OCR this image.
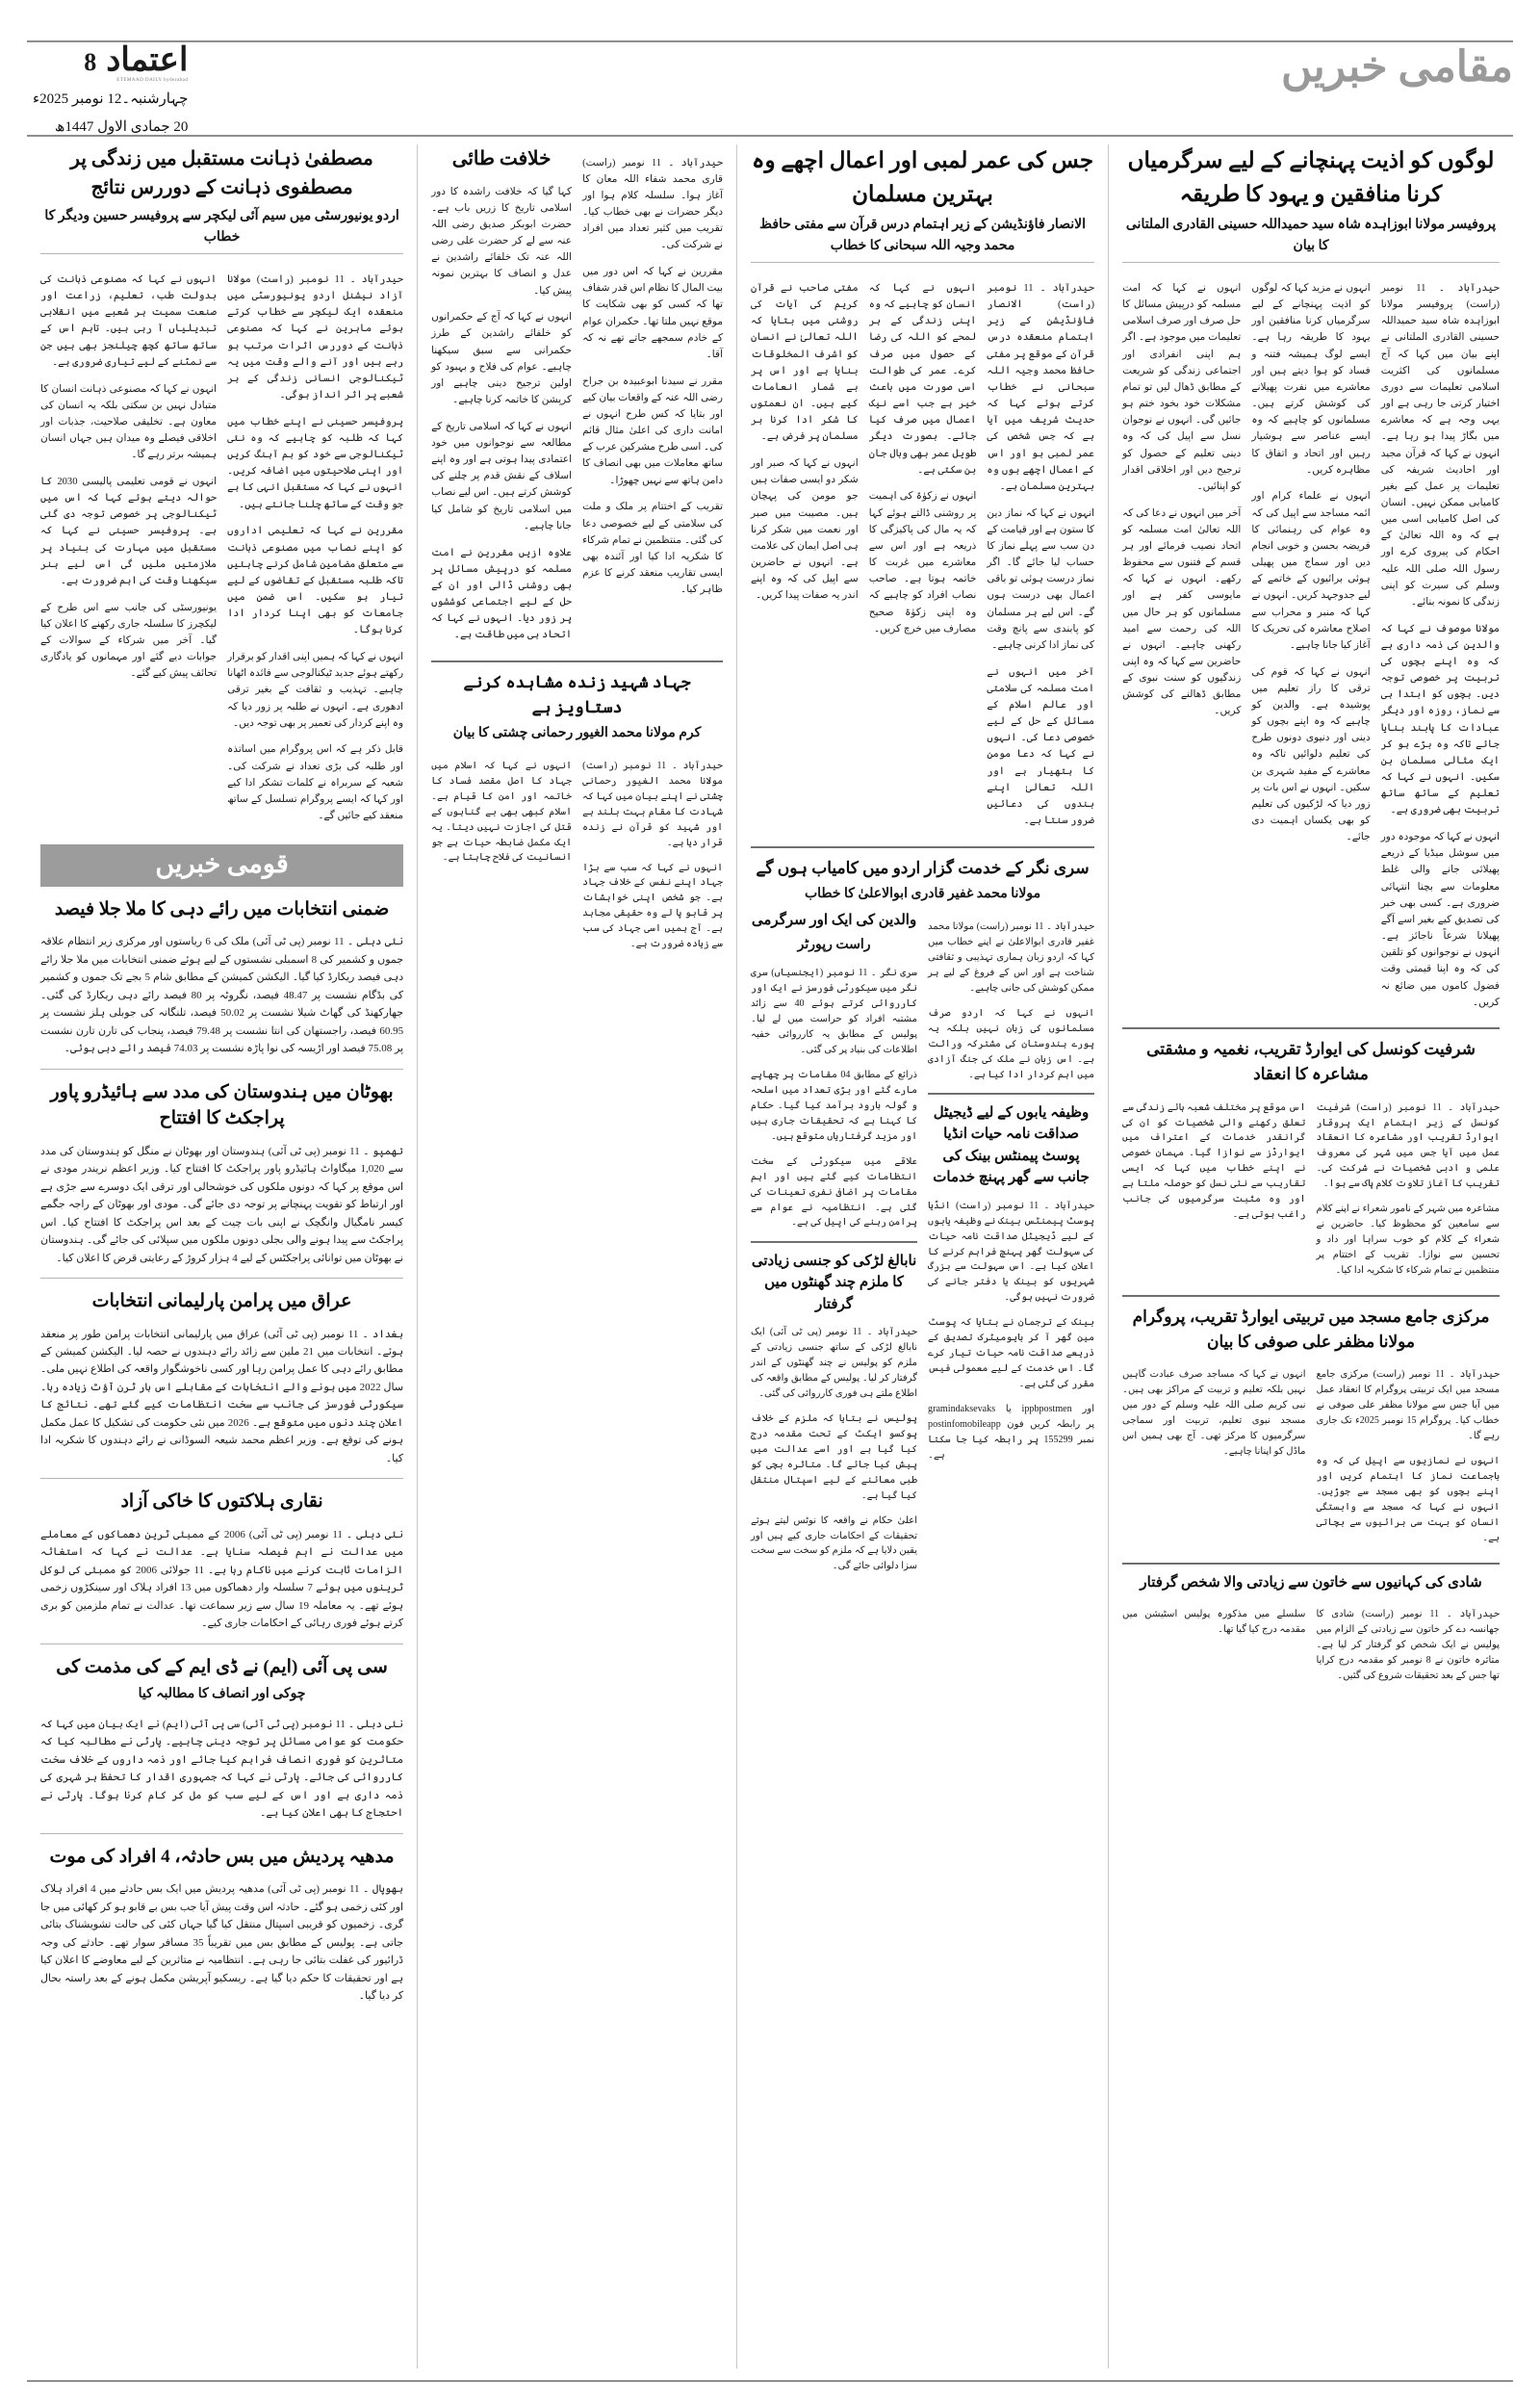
اعتماد
8
ETEMAAD DAILY hyderabad
چہارشنبہ۔12 نومبر 2025ء
20 جمادی الاول 1447ھ
مقامی خبریں
لوگوں کو اذیت پہنچانے کے لیے سرگرمیاں کرنا منافقین و یہود کا طریقہ
پروفیسر مولانا ابوزاہدہ شاہ سید حمیداللہ حسینی القادری الملتانی کا بیان

حیدرآباد ۔ 11 نومبر (راست) پروفیسر مولانا ابوزاہدہ شاہ سید حمیداللہ حسینی القادری الملتانی نے اپنے بیان میں کہا کہ آج مسلمانوں کی اکثریت اسلامی تعلیمات سے دوری اختیار کرتی جا رہی ہے اور یہی وجہ ہے کہ معاشرے میں بگاڑ پیدا ہو رہا ہے۔ انہوں نے کہا کہ قرآن مجید اور احادیث شریفہ کی تعلیمات پر عمل کیے بغیر کامیابی ممکن نہیں۔ انسان کی اصل کامیابی اسی میں ہے کہ وہ اللہ تعالیٰ کے احکام کی پیروی کرے اور رسول اللہ صلی اللہ علیہ وسلم کی سیرت کو اپنی زندگی کا نمونہ بنائے۔

مولانا موصوف نے کہا کہ والدین کی ذمہ داری ہے کہ وہ اپنے بچوں کی تربیت پر خصوصی توجہ دیں۔ بچوں کو ابتدا ہی سے نماز، روزہ اور دیگر عبادات کا پابند بنایا جائے تاکہ وہ بڑے ہو کر ایک مثالی مسلمان بن سکیں۔ انہوں نے کہا کہ تعلیم کے ساتھ ساتھ تربیت بھی ضروری ہے۔

انہوں نے کہا کہ موجودہ دور میں سوشل میڈیا کے ذریعے پھیلائی جانے والی غلط معلومات سے بچنا انتہائی ضروری ہے۔ کسی بھی خبر کی تصدیق کیے بغیر اسے آگے پھیلانا شرعاً ناجائز ہے۔ انہوں نے نوجوانوں کو تلقین کی کہ وہ اپنا قیمتی وقت فضول کاموں میں ضائع نہ کریں۔

انہوں نے مزید کہا کہ لوگوں کو اذیت پہنچانے کے لیے سرگرمیاں کرنا منافقین اور یہود کا طریقہ رہا ہے۔ ایسے لوگ ہمیشہ فتنہ و فساد کو ہوا دیتے ہیں اور معاشرے میں نفرت پھیلانے کی کوشش کرتے ہیں۔ مسلمانوں کو چاہیے کہ وہ ایسے عناصر سے ہوشیار رہیں اور اتحاد و اتفاق کا مظاہرہ کریں۔

انہوں نے علماء کرام اور ائمہ مساجد سے اپیل کی کہ وہ عوام کی رہنمائی کا فریضہ بحسن و خوبی انجام دیں اور سماج میں پھیلی ہوئی برائیوں کے خاتمے کے لیے جدوجہد کریں۔ انہوں نے کہا کہ منبر و محراب سے اصلاح معاشرہ کی تحریک کا آغاز کیا جانا چاہیے۔

انہوں نے کہا کہ قوم کی ترقی کا راز تعلیم میں پوشیدہ ہے۔ والدین کو چاہیے کہ وہ اپنے بچوں کو دینی اور دنیوی دونوں طرح کی تعلیم دلوائیں تاکہ وہ معاشرے کے مفید شہری بن سکیں۔ انہوں نے اس بات پر زور دیا کہ لڑکیوں کی تعلیم کو بھی یکساں اہمیت دی جائے۔

انہوں نے کہا کہ امت مسلمہ کو درپیش مسائل کا حل صرف اور صرف اسلامی تعلیمات میں موجود ہے۔ اگر ہم اپنی انفرادی اور اجتماعی زندگی کو شریعت کے مطابق ڈھال لیں تو تمام مشکلات خود بخود ختم ہو جائیں گی۔ انہوں نے نوجوان نسل سے اپیل کی کہ وہ دینی تعلیم کے حصول کو ترجیح دیں اور اخلاقی اقدار کو اپنائیں۔

آخر میں انہوں نے دعا کی کہ اللہ تعالیٰ امت مسلمہ کو اتحاد نصیب فرمائے اور ہر قسم کے فتنوں سے محفوظ رکھے۔ انہوں نے کہا کہ مایوسی کفر ہے اور مسلمانوں کو ہر حال میں اللہ کی رحمت سے امید رکھنی چاہیے۔ انہوں نے حاضرین سے کہا کہ وہ اپنی زندگیوں کو سنت نبوی کے مطابق ڈھالنے کی کوشش کریں۔

شرفیت کونسل کی ایوارڈ تقریب، نغمیہ و مشقتی مشاعرہ کا انعقاد

حیدرآباد ۔ 11 نومبر (راست) شرفیت کونسل کے زیر اہتمام ایک پروقار ایوارڈ تقریب اور مشاعرہ کا انعقاد عمل میں آیا جس میں شہر کی معروف علمی و ادبی شخصیات نے شرکت کی۔ تقریب کا آغاز تلاوت کلام پاک سے ہوا۔

مشاعرہ میں شہر کے نامور شعراء نے اپنے کلام سے سامعین کو محظوظ کیا۔ حاضرین نے شعراء کے کلام کو خوب سراہا اور داد و تحسین سے نوازا۔ تقریب کے اختتام پر منتظمین نے تمام شرکاء کا شکریہ ادا کیا۔

اس موقع پر مختلف شعبہ ہائے زندگی سے تعلق رکھنے والی شخصیات کو ان کی گرانقدر خدمات کے اعتراف میں ایوارڈز سے نوازا گیا۔ مہمان خصوصی نے اپنے خطاب میں کہا کہ ایسی تقاریب سے نئی نسل کو حوصلہ ملتا ہے اور وہ مثبت سرگرمیوں کی جانب راغب ہوتی ہے۔

مرکزی جامع مسجد میں تربیتی ایوارڈ تقریب، پروگرام مولانا مظفر علی صوفی کا بیان

حیدرآباد ۔ 11 نومبر (راست) مرکزی جامع مسجد میں ایک تربیتی پروگرام کا انعقاد عمل میں آیا جس سے مولانا مظفر علی صوفی نے خطاب کیا۔ پروگرام 15 نومبر 2025ء تک جاری رہے گا۔

انہوں نے نمازیوں سے اپیل کی کہ وہ باجماعت نماز کا اہتمام کریں اور اپنے بچوں کو بھی مسجد سے جوڑیں۔ انہوں نے کہا کہ مسجد سے وابستگی انسان کو بہت سی برائیوں سے بچاتی ہے۔

انہوں نے کہا کہ مساجد صرف عبادت گاہیں نہیں بلکہ تعلیم و تربیت کے مراکز بھی ہیں۔ نبی کریم صلی اللہ علیہ وسلم کے دور میں مسجد نبوی تعلیم، تربیت اور سماجی سرگرمیوں کا مرکز تھی۔ آج بھی ہمیں اس ماڈل کو اپنانا چاہیے۔

شادی کی کہانیوں سے خاتون سے زیادتی والا شخص گرفتار

حیدرآباد ۔ 11 نومبر (راست) شادی کا جھانسہ دے کر خاتون سے زیادتی کے الزام میں پولیس نے ایک شخص کو گرفتار کر لیا ہے۔ متاثرہ خاتون نے 8 نومبر کو مقدمہ درج کرایا تھا جس کے بعد تحقیقات شروع کی گئیں۔

سلسلے میں مذکورہ پولیس اسٹیشن میں مقدمہ درج کیا گیا تھا۔

جس کی عمر لمبی اور اعمال اچھے وہ بہترین مسلمان
الانصار فاؤنڈیشن کے زیر اہتمام درس قرآن سے مفتی حافظ محمد وجیہ اللہ سبحانی کا خطاب

حیدرآباد ۔ 11 نومبر (راست) الانصار فاؤنڈیشن کے زیر اہتمام منعقدہ درس قرآن کے موقع پر مفتی حافظ محمد وجیہ اللہ سبحانی نے خطاب کرتے ہوئے کہا کہ حدیث شریف میں آیا ہے کہ جس شخص کی عمر لمبی ہو اور اس کے اعمال اچھے ہوں وہ بہترین مسلمان ہے۔

انہوں نے کہا کہ نماز دین کا ستون ہے اور قیامت کے دن سب سے پہلے نماز کا حساب لیا جائے گا۔ اگر نماز درست ہوئی تو باقی اعمال بھی درست ہوں گے۔ اس لیے ہر مسلمان کو پابندی سے پانچ وقت کی نماز ادا کرنی چاہیے۔

آخر میں انہوں نے امت مسلمہ کی سلامتی اور عالم اسلام کے مسائل کے حل کے لیے خصوصی دعا کی۔ انہوں نے کہا کہ دعا مومن کا ہتھیار ہے اور اللہ تعالیٰ اپنے بندوں کی دعائیں ضرور سنتا ہے۔

انہوں نے کہا کہ انسان کو چاہیے کہ وہ اپنی زندگی کے ہر لمحے کو اللہ کی رضا کے حصول میں صرف کرے۔ عمر کی طوالت اسی صورت میں باعث خیر ہے جب اسے نیک اعمال میں صرف کیا جائے۔ بصورت دیگر طویل عمر بھی وبال جان بن سکتی ہے۔

انہوں نے زکوٰۃ کی اہمیت پر روشنی ڈالتے ہوئے کہا کہ یہ مال کی پاکیزگی کا ذریعہ ہے اور اس سے معاشرے میں غربت کا خاتمہ ہوتا ہے۔ صاحب نصاب افراد کو چاہیے کہ وہ اپنی زکوٰۃ صحیح مصارف میں خرچ کریں۔

مفتی صاحب نے قرآن کریم کی آیات کی روشنی میں بتایا کہ اللہ تعالیٰ نے انسان کو اشرف المخلوقات بنایا ہے اور اس پر بے شمار انعامات کیے ہیں۔ ان نعمتوں کا شکر ادا کرنا ہر مسلمان پر فرض ہے۔

انہوں نے کہا کہ صبر اور شکر دو ایسی صفات ہیں جو مومن کی پہچان ہیں۔ مصیبت میں صبر اور نعمت میں شکر کرنا ہی اصل ایمان کی علامت ہے۔ انہوں نے حاضرین سے اپیل کی کہ وہ اپنے اندر یہ صفات پیدا کریں۔

سری نگر کے خدمت گزار اردو میں کامیاب ہوں گے
مولانا محمد غفیر قادری ابوالاعلیٰ کا خطاب

حیدرآباد ۔ 11 نومبر (راست) مولانا محمد غفیر قادری ابوالاعلیٰ نے اپنے خطاب میں کہا کہ اردو زبان ہماری تہذیبی و ثقافتی شناخت ہے اور اس کے فروغ کے لیے ہر ممکن کوشش کی جانی چاہیے۔

انہوں نے کہا کہ اردو صرف مسلمانوں کی زبان نہیں بلکہ یہ پورے ہندوستان کی مشترکہ وراثت ہے۔ اس زبان نے ملک کی جنگ آزادی میں اہم کردار ادا کیا ہے۔

وظیفہ یابوں کے لیے ڈیجیٹل صداقت نامہ حیات انڈیا پوسٹ پیمنٹس بینک کی جانب سے گھر پہنچ خدمات

حیدرآباد ۔ 11 نومبر (راست) انڈیا پوسٹ پیمنٹس بینک نے وظیفہ یابوں کے لیے ڈیجیٹل صداقت نامہ حیات کی سہولت گھر پہنچ فراہم کرنے کا اعلان کیا ہے۔ اس سہولت سے بزرگ شہریوں کو بینک یا دفتر جانے کی ضرورت نہیں ہوگی۔

بینک کے ترجمان نے بتایا کہ پوسٹ مین گھر آ کر بایومیٹرک تصدیق کے ذریعے صداقت نامہ حیات تیار کرے گا۔ اس خدمت کے لیے معمولی فیس مقرر کی گئی ہے۔

gramindaksevaks یا ippbpostmen اور postinfomobileapp پر رابطہ کریں فون نمبر 155299 پر رابطہ کیا جا سکتا ہے۔

والدین کی ایک اور سرگرمی
راست رپورٹر

سری نگر ۔ 11 نومبر (ایجنسیاں) سری نگر میں سیکورٹی فورسز نے ایک اور کارروائی کرتے ہوئے 40 سے زائد مشتبہ افراد کو حراست میں لے لیا۔ پولیس کے مطابق یہ کارروائی خفیہ اطلاعات کی بنیاد پر کی گئی۔

ذرائع کے مطابق 04 مقامات پر چھاپے مارے گئے اور بڑی تعداد میں اسلحہ و گولہ بارود برآمد کیا گیا۔ حکام کا کہنا ہے کہ تحقیقات جاری ہیں اور مزید گرفتاریاں متوقع ہیں۔

علاقے میں سیکورٹی کے سخت انتظامات کیے گئے ہیں اور اہم مقامات پر اضافی نفری تعینات کی گئی ہے۔ انتظامیہ نے عوام سے پرامن رہنے کی اپیل کی ہے۔

نابالغ لڑکی کو جنسی زیادتی کا ملزم چند گھنٹوں میں گرفتار

حیدرآباد ۔ 11 نومبر (پی ٹی آئی) ایک نابالغ لڑکی کے ساتھ جنسی زیادتی کے ملزم کو پولیس نے چند گھنٹوں کے اندر گرفتار کر لیا۔ پولیس کے مطابق واقعہ کی اطلاع ملتے ہی فوری کارروائی کی گئی۔

پولیس نے بتایا کہ ملزم کے خلاف پوکسو ایکٹ کے تحت مقدمہ درج کیا گیا ہے اور اسے عدالت میں پیش کیا جائے گا۔ متاثرہ بچی کو طبی معائنے کے لیے اسپتال منتقل کیا گیا ہے۔

اعلیٰ حکام نے واقعہ کا نوٹس لیتے ہوئے تحقیقات کے احکامات جاری کیے ہیں اور یقین دلایا ہے کہ ملزم کو سخت سے سخت سزا دلوائی جائے گی۔

حیدرآباد ۔ 11 نومبر (راست) قاری محمد شفاء اللہ معان کا آغاز ہوا۔ سلسلہ کلام ہوا اور دیگر حضرات نے بھی خطاب کیا۔ تقریب میں کثیر تعداد میں افراد نے شرکت کی۔

مقررین نے کہا کہ اس دور میں بیت المال کا نظام اس قدر شفاف تھا کہ کسی کو بھی شکایت کا موقع نہیں ملتا تھا۔ حکمران عوام کے خادم سمجھے جاتے تھے نہ کہ آقا۔

مقرر نے سیدنا ابوعبیدہ بن جراح رضی اللہ عنہ کے واقعات بیان کیے اور بتایا کہ کس طرح انہوں نے امانت داری کی اعلیٰ مثال قائم کی۔ اسی طرح مشرکین عرب کے ساتھ معاملات میں بھی انصاف کا دامن ہاتھ سے نہیں چھوڑا۔

تقریب کے اختتام پر ملک و ملت کی سلامتی کے لیے خصوصی دعا کی گئی۔ منتظمین نے تمام شرکاء کا شکریہ ادا کیا اور آئندہ بھی ایسی تقاریب منعقد کرنے کا عزم ظاہر کیا۔

خلافت طائی

کہا گیا کہ خلافت راشدہ کا دور اسلامی تاریخ کا زریں باب ہے۔ حضرت ابوبکر صدیق رضی اللہ عنہ سے لے کر حضرت علی رضی اللہ عنہ تک خلفائے راشدین نے عدل و انصاف کا بہترین نمونہ پیش کیا۔

انہوں نے کہا کہ آج کے حکمرانوں کو خلفائے راشدین کے طرز حکمرانی سے سبق سیکھنا چاہیے۔ عوام کی فلاح و بہبود کو اولین ترجیح دینی چاہیے اور کرپشن کا خاتمہ کرنا چاہیے۔

انہوں نے کہا کہ اسلامی تاریخ کے مطالعہ سے نوجوانوں میں خود اعتمادی پیدا ہوتی ہے اور وہ اپنے اسلاف کے نقش قدم پر چلنے کی کوشش کرتے ہیں۔ اس لیے نصاب میں اسلامی تاریخ کو شامل کیا جانا چاہیے۔

علاوہ ازیں مقررین نے امت مسلمہ کو درپیش مسائل پر بھی روشنی ڈالی اور ان کے حل کے لیے اجتماعی کوششوں پر زور دیا۔ انہوں نے کہا کہ اتحاد ہی میں طاقت ہے۔

جہاد شہید زندہ مشاہدہ کرنے دستاویز ہے
کرم مولانا محمد الغیور رحمانی چشتی کا بیان

حیدرآباد ۔ 11 نومبر (راست) مولانا محمد الغیور رحمانی چشتی نے اپنے بیان میں کہا کہ شہادت کا مقام بہت بلند ہے اور شہید کو قرآن نے زندہ قرار دیا ہے۔

انہوں نے کہا کہ سب سے بڑا جہاد اپنے نفس کے خلاف جہاد ہے۔ جو شخص اپنی خواہشات پر قابو پا لے وہ حقیقی مجاہد ہے۔ آج ہمیں اسی جہاد کی سب سے زیادہ ضرورت ہے۔

انہوں نے کہا کہ اسلام میں جہاد کا اصل مقصد فساد کا خاتمہ اور امن کا قیام ہے۔ اسلام کبھی بھی بے گناہوں کے قتل کی اجازت نہیں دیتا۔ یہ ایک مکمل ضابطہ حیات ہے جو انسانیت کی فلاح چاہتا ہے۔

مصطفیٰ ذہانت مستقبل میں زندگی پر مصطفوی ذہانت کے دوررس نتائج
اردو یونیورسٹی میں سیم آئی لیکچر سے پروفیسر حسین ودیگر کا خطاب

حیدرآباد ۔ 11 نومبر (راست) مولانا آزاد نیشنل اردو یونیورسٹی میں منعقدہ ایک لیکچر سے خطاب کرتے ہوئے ماہرین نے کہا کہ مصنوعی ذہانت کے دوررس اثرات مرتب ہو رہے ہیں اور آنے والے وقت میں یہ ٹیکنالوجی انسانی زندگی کے ہر شعبے پر اثر انداز ہوگی۔

پروفیسر حسینی نے اپنے خطاب میں کہا کہ طلبہ کو چاہیے کہ وہ نئی ٹیکنالوجی سے خود کو ہم آہنگ کریں اور اپنی صلاحیتوں میں اضافہ کریں۔ انہوں نے کہا کہ مستقبل انہی کا ہے جو وقت کے ساتھ چلنا جانتے ہیں۔

مقررین نے کہا کہ تعلیمی اداروں کو اپنے نصاب میں مصنوعی ذہانت سے متعلق مضامین شامل کرنے چاہئیں تاکہ طلبہ مستقبل کے تقاضوں کے لیے تیار ہو سکیں۔ اس ضمن میں جامعات کو بھی اپنا کردار ادا کرنا ہوگا۔

انہوں نے کہا کہ ہمیں اپنی اقدار کو برقرار رکھتے ہوئے جدید ٹیکنالوجی سے فائدہ اٹھانا چاہیے۔ تہذیب و ثقافت کے بغیر ترقی ادھوری ہے۔ انہوں نے طلبہ پر زور دیا کہ وہ اپنے کردار کی تعمیر پر بھی توجہ دیں۔

قابل ذکر ہے کہ اس پروگرام میں اساتذہ اور طلبہ کی بڑی تعداد نے شرکت کی۔ شعبہ کے سربراہ نے کلمات تشکر ادا کیے اور کہا کہ ایسے پروگرام تسلسل کے ساتھ منعقد کیے جائیں گے۔

انہوں نے کہا کہ مصنوعی ذہانت کی بدولت طب، تعلیم، زراعت اور صنعت سمیت ہر شعبے میں انقلابی تبدیلیاں آ رہی ہیں۔ تاہم اس کے ساتھ ساتھ کچھ چیلنجز بھی ہیں جن سے نمٹنے کے لیے تیاری ضروری ہے۔

انہوں نے کہا کہ مصنوعی ذہانت انسان کا متبادل نہیں بن سکتی بلکہ یہ انسان کی معاون ہے۔ تخلیقی صلاحیت، جذبات اور اخلاقی فیصلے وہ میدان ہیں جہاں انسان ہمیشہ برتر رہے گا۔

انہوں نے قومی تعلیمی پالیسی 2030 کا حوالہ دیتے ہوئے کہا کہ اس میں ٹیکنالوجی پر خصوصی توجہ دی گئی ہے۔ پروفیسر حسینی نے کہا کہ مستقبل میں مہارت کی بنیاد پر ملازمتیں ملیں گی اس لیے ہنر سیکھنا وقت کی اہم ضرورت ہے۔

یونیورسٹی کی جانب سے اس طرح کے لیکچرز کا سلسلہ جاری رکھنے کا اعلان کیا گیا۔ آخر میں شرکاء کے سوالات کے جوابات دیے گئے اور مہمانوں کو یادگاری تحائف پیش کیے گئے۔

قومی خبریں
ضمنی انتخابات میں رائے دہی کا ملا جلا فیصد

نئی دہلی ۔ 11 نومبر (پی ٹی آئی) ملک کی 6 ریاستوں اور مرکزی زیر انتظام علاقہ جموں و کشمیر کی 8 اسمبلی نشستوں کے لیے ہوئے ضمنی انتخابات میں ملا جلا رائے دہی فیصد ریکارڈ کیا گیا۔ الیکشن کمیشن کے مطابق شام 5 بجے تک جموں و کشمیر کی بڈگام نشست پر 48.47 فیصد، نگروٹہ پر 80 فیصد رائے دہی ریکارڈ کی گئی۔ جھارکھنڈ کی گھاٹ شیلا نشست پر 50.02 فیصد، تلنگانہ کی جوبلی ہلز نشست پر 60.95 فیصد، راجستھان کی انتا نشست پر 79.48 فیصد، پنجاب کی تارن تارن نشست پر 75.08 فیصد اور اڑیسہ کی نوا پاڑہ نشست پر 74.03 فیصد رائے دہی ہوئی۔

بھوٹان میں ہندوستان کی مدد سے ہائیڈرو پاور پراجکٹ کا افتتاح

تھمپو ۔ 11 نومبر (پی ٹی آئی) ہندوستان اور بھوٹان نے منگل کو ہندوستان کی مدد سے 1,020 میگاواٹ ہائیڈرو پاور پراجکٹ کا افتتاح کیا۔ وزیر اعظم نریندر مودی نے اس موقع پر کہا کہ دونوں ملکوں کی خوشحالی اور ترقی ایک دوسرے سے جڑی ہے اور ارتباط کو تقویت پہنچانے پر توجہ دی جائے گی۔ مودی اور بھوٹان کے راجہ جگمے کیسر نامگیال وانگچک نے اپنی بات چیت کے بعد اس پراجکٹ کا افتتاح کیا۔ اس پراجکٹ سے پیدا ہونے والی بجلی دونوں ملکوں میں سپلائی کی جائے گی۔ ہندوستان نے بھوٹان میں توانائی پراجکٹس کے لیے 4 ہزار کروڑ کے رعایتی قرض کا اعلان کیا۔

عراق میں پرامن پارلیمانی انتخابات

بغداد ۔ 11 نومبر (پی ٹی آئی) عراق میں پارلیمانی انتخابات پرامن طور پر منعقد ہوئے۔ انتخابات میں 21 ملین سے زائد رائے دہندوں نے حصہ لیا۔ الیکشن کمیشن کے مطابق رائے دہی کا عمل پرامن رہا اور کسی ناخوشگوار واقعہ کی اطلاع نہیں ملی۔ سال 2022 میں ہونے والے انتخابات کے مقابلے اس بار ٹرن آؤٹ زیادہ رہا۔ سیکورٹی فورسز کی جانب سے سخت انتظامات کیے گئے تھے۔ نتائج کا اعلان چند دنوں میں متوقع ہے۔ 2026 میں نئی حکومت کی تشکیل کا عمل مکمل ہونے کی توقع ہے۔ وزیر اعظم محمد شیعہ السوڈانی نے رائے دہندوں کا شکریہ ادا کیا۔

نقاری ہلاکتوں کا خاکی آزاد

نئی دہلی ۔ 11 نومبر (پی ٹی آئی) 2006 کے ممبئی ٹرین دھماکوں کے معاملے میں عدالت نے اہم فیصلہ سنایا ہے۔ عدالت نے کہا کہ استغاثہ الزامات ثابت کرنے میں ناکام رہا ہے۔ 11 جولائی 2006 کو ممبئی کی لوکل ٹرینوں میں ہوئے 7 سلسلہ وار دھماکوں میں 13 افراد ہلاک اور سینکڑوں زخمی ہوئے تھے۔ یہ معاملہ 19 سال سے زیر سماعت تھا۔ عدالت نے تمام ملزمین کو بری کرتے ہوئے فوری رہائی کے احکامات جاری کیے۔

سی پی آئی (ایم) نے ڈی ایم کے کی مذمت کی
چوکی اور انصاف کا مطالبہ کیا

نئی دہلی ۔ 11 نومبر (پی ٹی آئی) سی پی آئی (ایم) نے ایک بیان میں کہا کہ حکومت کو عوامی مسائل پر توجہ دینی چاہیے۔ پارٹی نے مطالبہ کیا کہ متاثرین کو فوری انصاف فراہم کیا جائے اور ذمہ داروں کے خلاف سخت کارروائی کی جائے۔ پارٹی نے کہا کہ جمہوری اقدار کا تحفظ ہر شہری کی ذمہ داری ہے اور اس کے لیے سب کو مل کر کام کرنا ہوگا۔ پارٹی نے احتجاج کا بھی اعلان کیا ہے۔

مدھیہ پردیش میں بس حادثہ، 4 افراد کی موت

بھوپال ۔ 11 نومبر (پی ٹی آئی) مدھیہ پردیش میں ایک بس حادثے میں 4 افراد ہلاک اور کئی زخمی ہو گئے۔ حادثہ اس وقت پیش آیا جب بس بے قابو ہو کر کھائی میں جا گری۔ زخمیوں کو قریبی اسپتال منتقل کیا گیا جہاں کئی کی حالت تشویشناک بتائی جاتی ہے۔ پولیس کے مطابق بس میں تقریباً 35 مسافر سوار تھے۔ حادثے کی وجہ ڈرائیور کی غفلت بتائی جا رہی ہے۔ انتظامیہ نے متاثرین کے لیے معاوضے کا اعلان کیا ہے اور تحقیقات کا حکم دیا گیا ہے۔ ریسکیو آپریشن مکمل ہونے کے بعد راستہ بحال کر دیا گیا۔
